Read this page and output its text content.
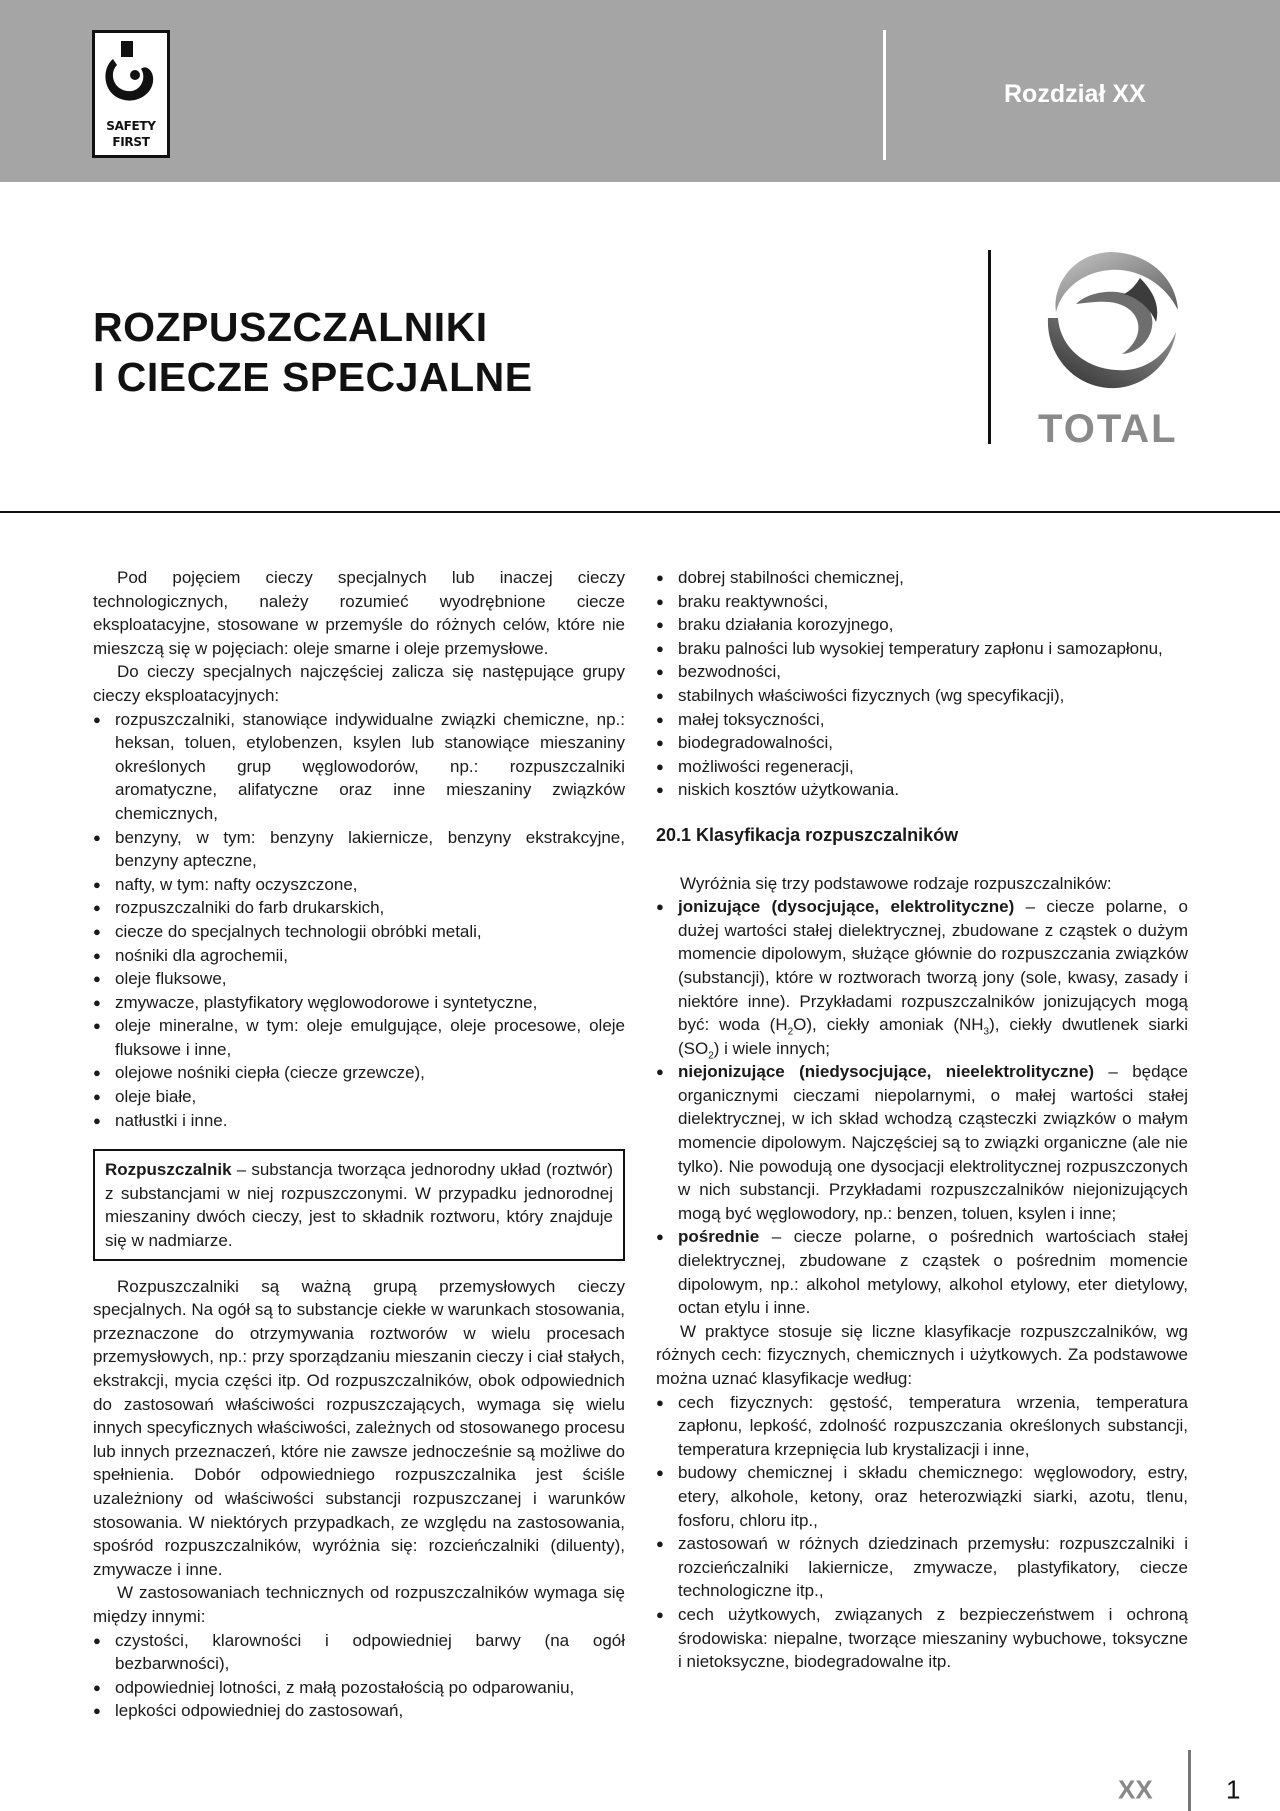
SAFETY
FIRST
Rozdział XX
ROZPUSZCZALNIKI
I CIECZE SPECJALNE
TOTAL

Pod pojęciem cieczy specjalnych lub inaczej cieczy technologicznych, należy rozumieć wyodrębnione ciecze eksploatacyjne, stosowane w przemyśle do różnych celów, które nie mieszczą się w pojęciach: oleje smarne i oleje przemysłowe.

Do cieczy specjalnych najczęściej zalicza się następujące grupy cieczy eksploatacyjnych:

● rozpuszczalniki, stanowiące indywidualne związki chemiczne, np.: heksan, toluen, etylobenzen, ksylen lub stanowiące mieszaniny określonych grup węglowodorów, np.: rozpuszczalniki aromatyczne, alifatyczne oraz inne mieszaniny związków chemicznych,
● benzyny, w tym: benzyny lakiernicze, benzyny ekstrakcyjne, benzyny apteczne,
● nafty, w tym: nafty oczyszczone,
● rozpuszczalniki do farb drukarskich,
● ciecze do specjalnych technologii obróbki metali,
● nośniki dla agrochemii,
● oleje fluksowe,
● zmywacze, plastyfikatory węglowodorowe i syntetyczne,
● oleje mineralne, w tym: oleje emulgujące, oleje procesowe, oleje fluksowe i inne,
● olejowe nośniki ciepła (ciecze grzewcze),
● oleje białe,
● natłustki i inne.
Rozpuszczalnik – substancja tworząca jednorodny układ (roztwór) z substancjami w niej rozpuszczonymi. W przypadku jednorodnej mieszaniny dwóch cieczy, jest to składnik roztworu, który znajduje się w nadmiarze.

Rozpuszczalniki są ważną grupą przemysłowych cieczy specjalnych. Na ogół są to substancje ciekłe w warunkach stosowania, przeznaczone do otrzymywania roztworów w wielu procesach przemysłowych, np.: przy sporządzaniu mieszanin cieczy i ciał stałych, ekstrakcji, mycia części itp. Od rozpuszczalników, obok odpowiednich do zastosowań właściwości rozpuszczających, wymaga się wielu innych specyficznych właściwości, zależnych od stosowanego procesu lub innych przeznaczeń, które nie zawsze jednocześnie są możliwe do spełnienia. Dobór odpowiedniego rozpuszczalnika jest ściśle uzależniony od właściwości substancji rozpuszczanej i warunków stosowania. W niektórych przypadkach, ze względu na zastosowania, spośród rozpuszczalników, wyróżnia się: rozcieńczalniki (diluenty), zmywacze i inne.

W zastosowaniach technicznych od rozpuszczalników wymaga się między innymi:

● czystości, klarowności i odpowiedniej barwy (na ogół bezbarwności),
● odpowiedniej lotności, z małą pozostałością po odparowaniu,
● lepkości odpowiedniej do zastosowań,
● dobrej stabilności chemicznej,
● braku reaktywności,
● braku działania korozyjnego,
● braku palności lub wysokiej temperatury zapłonu i samozapłonu,
● bezwodności,
● stabilnych właściwości fizycznych (wg specyfikacji),
● małej toksyczności,
● biodegradowalności,
● możliwości regeneracji,
● niskich kosztów użytkowania.

20.1 Klasyfikacja rozpuszczalników

Wyróżnia się trzy podstawowe rodzaje rozpuszczalników:

● jonizujące (dysocjujące, elektrolityczne) – ciecze polarne, o dużej wartości stałej dielektrycznej, zbudowane z cząstek o dużym momencie dipolowym, służące głównie do rozpuszczania związków (substancji), które w roztworach tworzą jony (sole, kwasy, zasady i niektóre inne). Przykładami rozpuszczalników jonizujących mogą być: woda $(H_2O)$, ciekły amoniak $(NH_3)$, ciekły dwutlenek siarki $(SO_2)$ i wiele innych;
● niejonizujące (niedysocjujące, nieelektrolityczne) – będące organicznymi cieczami niepolarnymi, o małej wartości stałej dielektrycznej, w ich skład wchodzą cząsteczki związków o małym momencie dipolowym. Najczęściej są to związki organiczne (ale nie tylko). Nie powodują one dysocjacji elektrolitycznej rozpuszczonych w nich substancji. Przykładami rozpuszczalników niejonizujących mogą być węglowodory, np.: benzen, toluen, ksylen i inne;
● pośrednie – ciecze polarne, o pośrednich wartościach stałej dielektrycznej, zbudowane z cząstek o pośrednim momencie dipolowym, np.: alkohol metylowy, alkohol etylowy, eter dietylowy, octan etylu i inne.

W praktyce stosuje się liczne klasyfikacje rozpuszczalników, wg różnych cech: fizycznych, chemicznych i użytkowych. Za podstawowe można uznać klasyfikacje według:

● cech fizycznych: gęstość, temperatura wrzenia, temperatura zapłonu, lepkość, zdolność rozpuszczania określonych substancji, temperatura krzepnięcia lub krystalizacji i inne,
● budowy chemicznej i składu chemicznego: węglowodory, estry, etery, alkohole, ketony, oraz heterozwiązki siarki, azotu, tlenu, fosforu, chloru itp.,
● zastosowań w różnych dziedzinach przemysłu: rozpuszczalniki i rozcieńczalniki lakiernicze, zmywacze, plastyfikatory, ciecze technologiczne itp.,
● cech użytkowych, związanych z bezpieczeństwem i ochroną środowiska: niepalne, tworzące mieszaniny wybuchowe, toksyczne i nietoksyczne, biodegradowalne itp.
XX	1
